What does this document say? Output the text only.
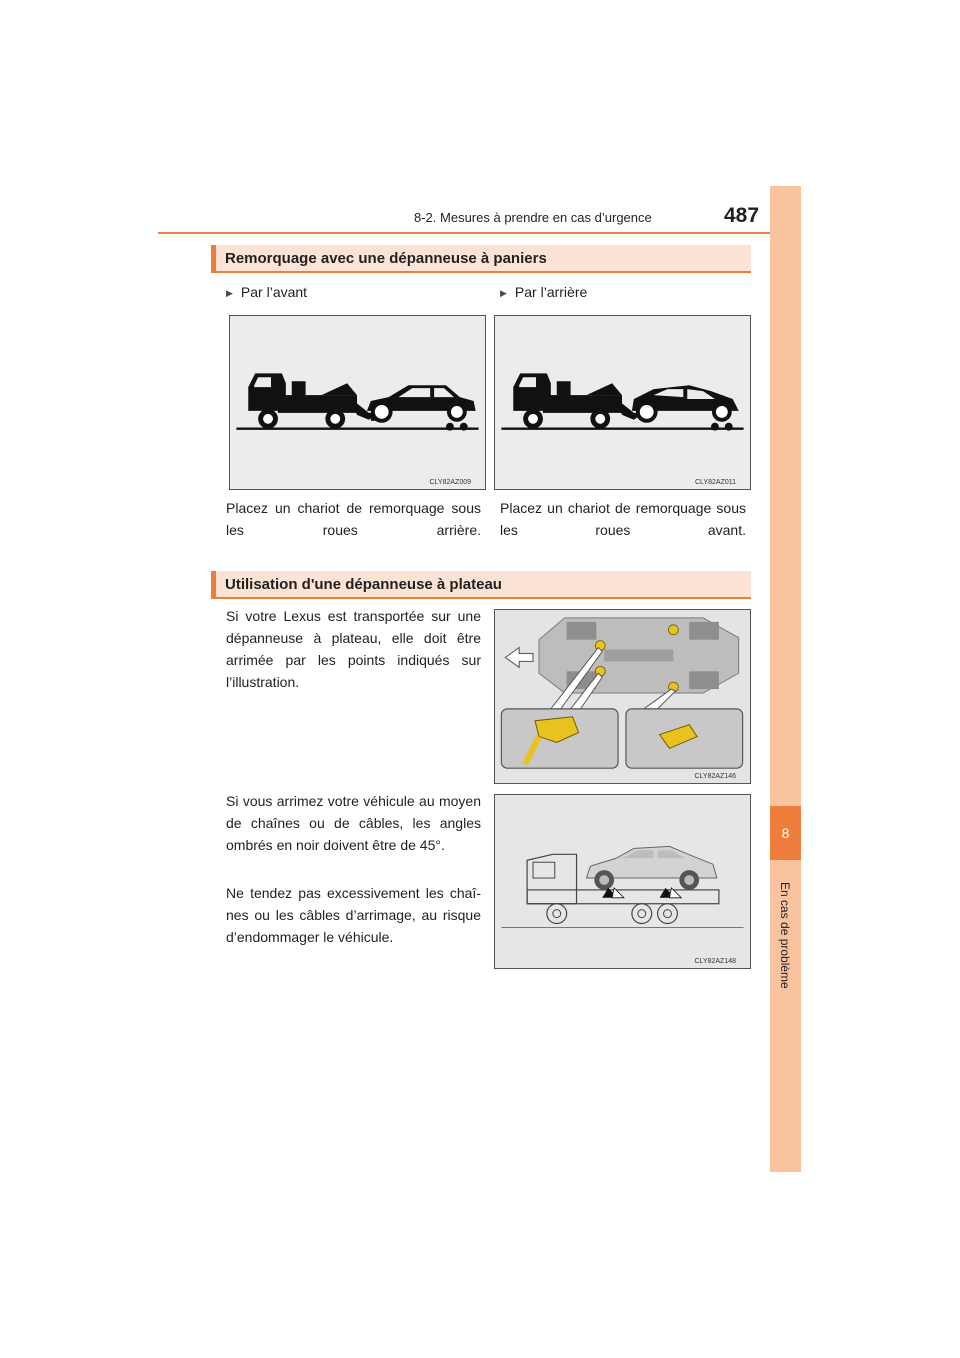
8-2. Mesures à prendre en cas d’urgence	487
8
En cas de problème
Remorquage avec une dépanneuse à paniers
▶ Par l’avant	▶ Par l’arrière
CLY82AZ009	CLY82AZ011
Placez un chariot de remorquage sous les roues arrière.
Placez un chariot de remorquage sous les roues avant.
Utilisation d'une dépanneuse à plateau
Si votre Lexus est transportée sur une dépanneuse à plateau, elle doit être arrimée par les points indiqués sur l’illustration.
CLY82AZ146
Si vous arrimez votre véhicule au moyen de chaînes ou de câbles, les angles ombrés en noir doivent être de 45°.
Ne tendez pas excessivement les chaî-nes ou les câbles d’arrimage, au risque d’endommager le véhicule.
CLY82AZ148
